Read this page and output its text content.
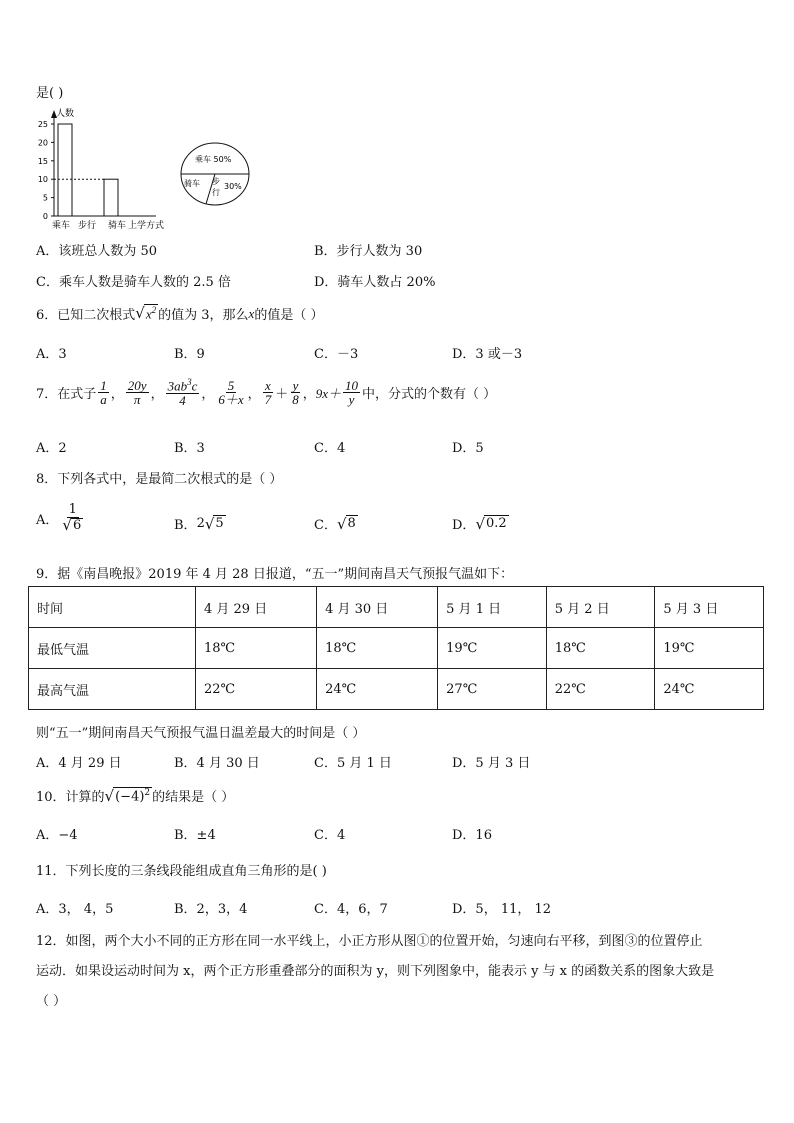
是( )
人数
25
20
15
10
5
0
乘车 步行 骑车 上学方式
乘车 50%
骑车 步
行
30%
A．该班总人数为 50	B．步行人数为 30
C．乘车人数是骑车人数的 2.5 倍	D．骑车人数占 20%
6．已知二次根式 √ $x^2$ 的值为 3，那么 x 的值是（ ）
A．3	B．9	C．－3	D．3 或－3
7．在式子 $\frac{1}{a}$ ， $\frac{20y}{\pi}$ ， $\frac{3ab^3c}{4}$ ， $\frac{5}{6+x}$ ， $\frac{x}{7} + \frac{y}{8}$ ， $9x+ \frac{10}{y}$ 中，分式的个数有（ ）
A．2	B．3	C．4	D．5
8．下列各式中，是最简二次根式的是（ ）
A． $\frac{1}{√ 6}$	B． 2 √ 5	C． √ 8	D． √ 0.2
9．据《南昌晚报》2019 年 4 月 28 日报道，“五一”期间南昌天气预报气温如下：
时间	4 月 29 日	4 月 30 日	5 月 1 日	5 月 2 日	5 月 3 日
最低气温	18℃	18℃	19℃	18℃	19℃
最高气温	22℃	24℃	27℃	22℃	24℃
则“五一”期间南昌天气预报气温日温差最大的时间是（ ）
A．4 月 29 日	B．4 月 30 日	C．5 月 1 日	D．5 月 3 日
10．计算的 √ $(-4)^2$ 的结果是（ ）
A．−4	B．±4	C．4	D．16
11．下列长度的三条线段能组成直角三角形的是( )
A．3， 4，5	B．2，3，4	C．4，6，7	D．5， 11， 12
12．如图，两个大小不同的正方形在同一水平线上，小正方形从图①的位置开始，匀速向右平移，到图③的位置停止
运动．如果设运动时间为 x，两个正方形重叠部分的面积为 y，则下列图象中，能表示 y 与 x 的函数关系的图象大致是
（ ）
